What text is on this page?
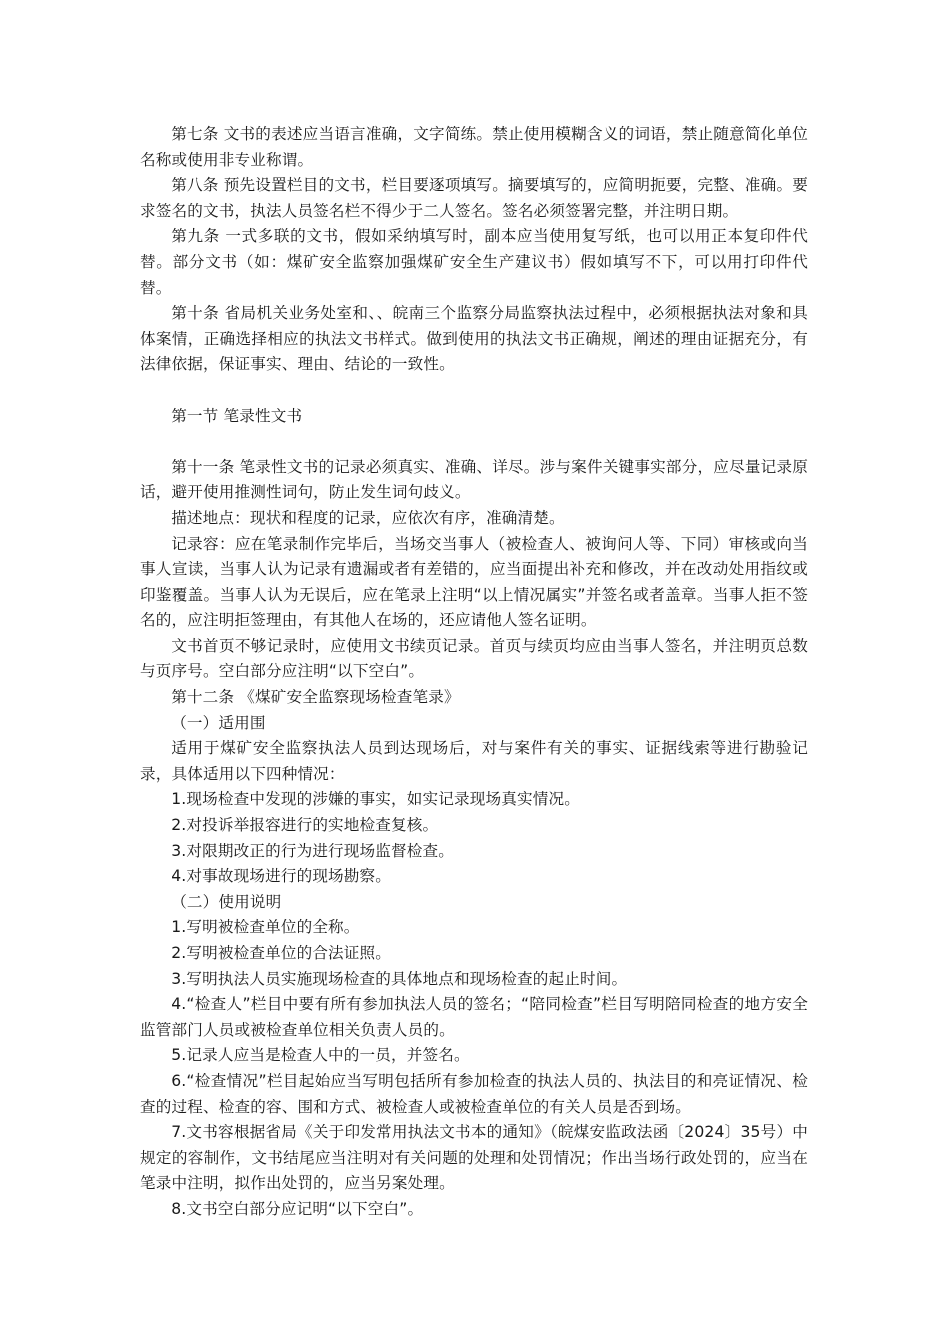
第七条 文书的表述应当语言准确，文字简练。禁止使用模糊含义的词语，禁止随意简化单位名称或使用非专业称谓。

第八条 预先设置栏目的文书，栏目要逐项填写。摘要填写的，应简明扼要，完整、准确。要求签名的文书，执法人员签名栏不得少于二人签名。签名必须签署完整，并注明日期。

第九条 一式多联的文书，假如采纳填写时，副本应当使用复写纸，也可以用正本复印件代替。部分文书（如：煤矿安全监察加强煤矿安全生产建议书）假如填写不下，可以用打印件代替。

第十条 省局机关业务处室和、、皖南三个监察分局监察执法过程中，必须根据执法对象和具体案情，正确选择相应的执法文书样式。做到使用的执法文书正确规，阐述的理由证据充分，有法律依据，保证事实、理由、结论的一致性。

第一节 笔录性文书

第十一条 笔录性文书的记录必须真实、准确、详尽。涉与案件关键事实部分，应尽量记录原话，避开使用推测性词句，防止发生词句歧义。

描述地点：现状和程度的记录，应依次有序，准确清楚。

记录容：应在笔录制作完毕后，当场交当事人（被检查人、被询问人等、下同）审核或向当事人宣读，当事人认为记录有遗漏或者有差错的，应当面提出补充和修改，并在改动处用指纹或印鉴覆盖。当事人认为无误后，应在笔录上注明“以上情况属实”并签名或者盖章。当事人拒不签名的，应注明拒签理由，有其他人在场的，还应请他人签名证明。

文书首页不够记录时，应使用文书续页记录。首页与续页均应由当事人签名，并注明页总数与页序号。空白部分应注明“以下空白”。

第十二条 《煤矿安全监察现场检查笔录》

（一）适用围

适用于煤矿安全监察执法人员到达现场后，对与案件有关的事实、证据线索等进行勘验记录，具体适用以下四种情况：

1.现场检查中发现的涉嫌的事实，如实记录现场真实情况。

2.对投诉举报容进行的实地检查复核。

3.对限期改正的行为进行现场监督检查。

4.对事故现场进行的现场勘察。

（二）使用说明

1.写明被检查单位的全称。

2.写明被检查单位的合法证照。

3.写明执法人员实施现场检查的具体地点和现场检查的起止时间。

4.“检查人”栏目中要有所有参加执法人员的签名；“陪同检查”栏目写明陪同检查的地方安全监管部门人员或被检查单位相关负责人员的。

5.记录人应当是检查人中的一员，并签名。

6.“检查情况”栏目起始应当写明包括所有参加检查的执法人员的、执法目的和亮证情况、检查的过程、检查的容、围和方式、被检查人或被检查单位的有关人员是否到场。

7.文书容根据省局《关于印发常用执法文书本的通知》（皖煤安监政法函〔2024〕35号）中规定的容制作，文书结尾应当注明对有关问题的处理和处罚情况；作出当场行政处罚的，应当在笔录中注明，拟作出处罚的，应当另案处理。

8.文书空白部分应记明“以下空白”。
